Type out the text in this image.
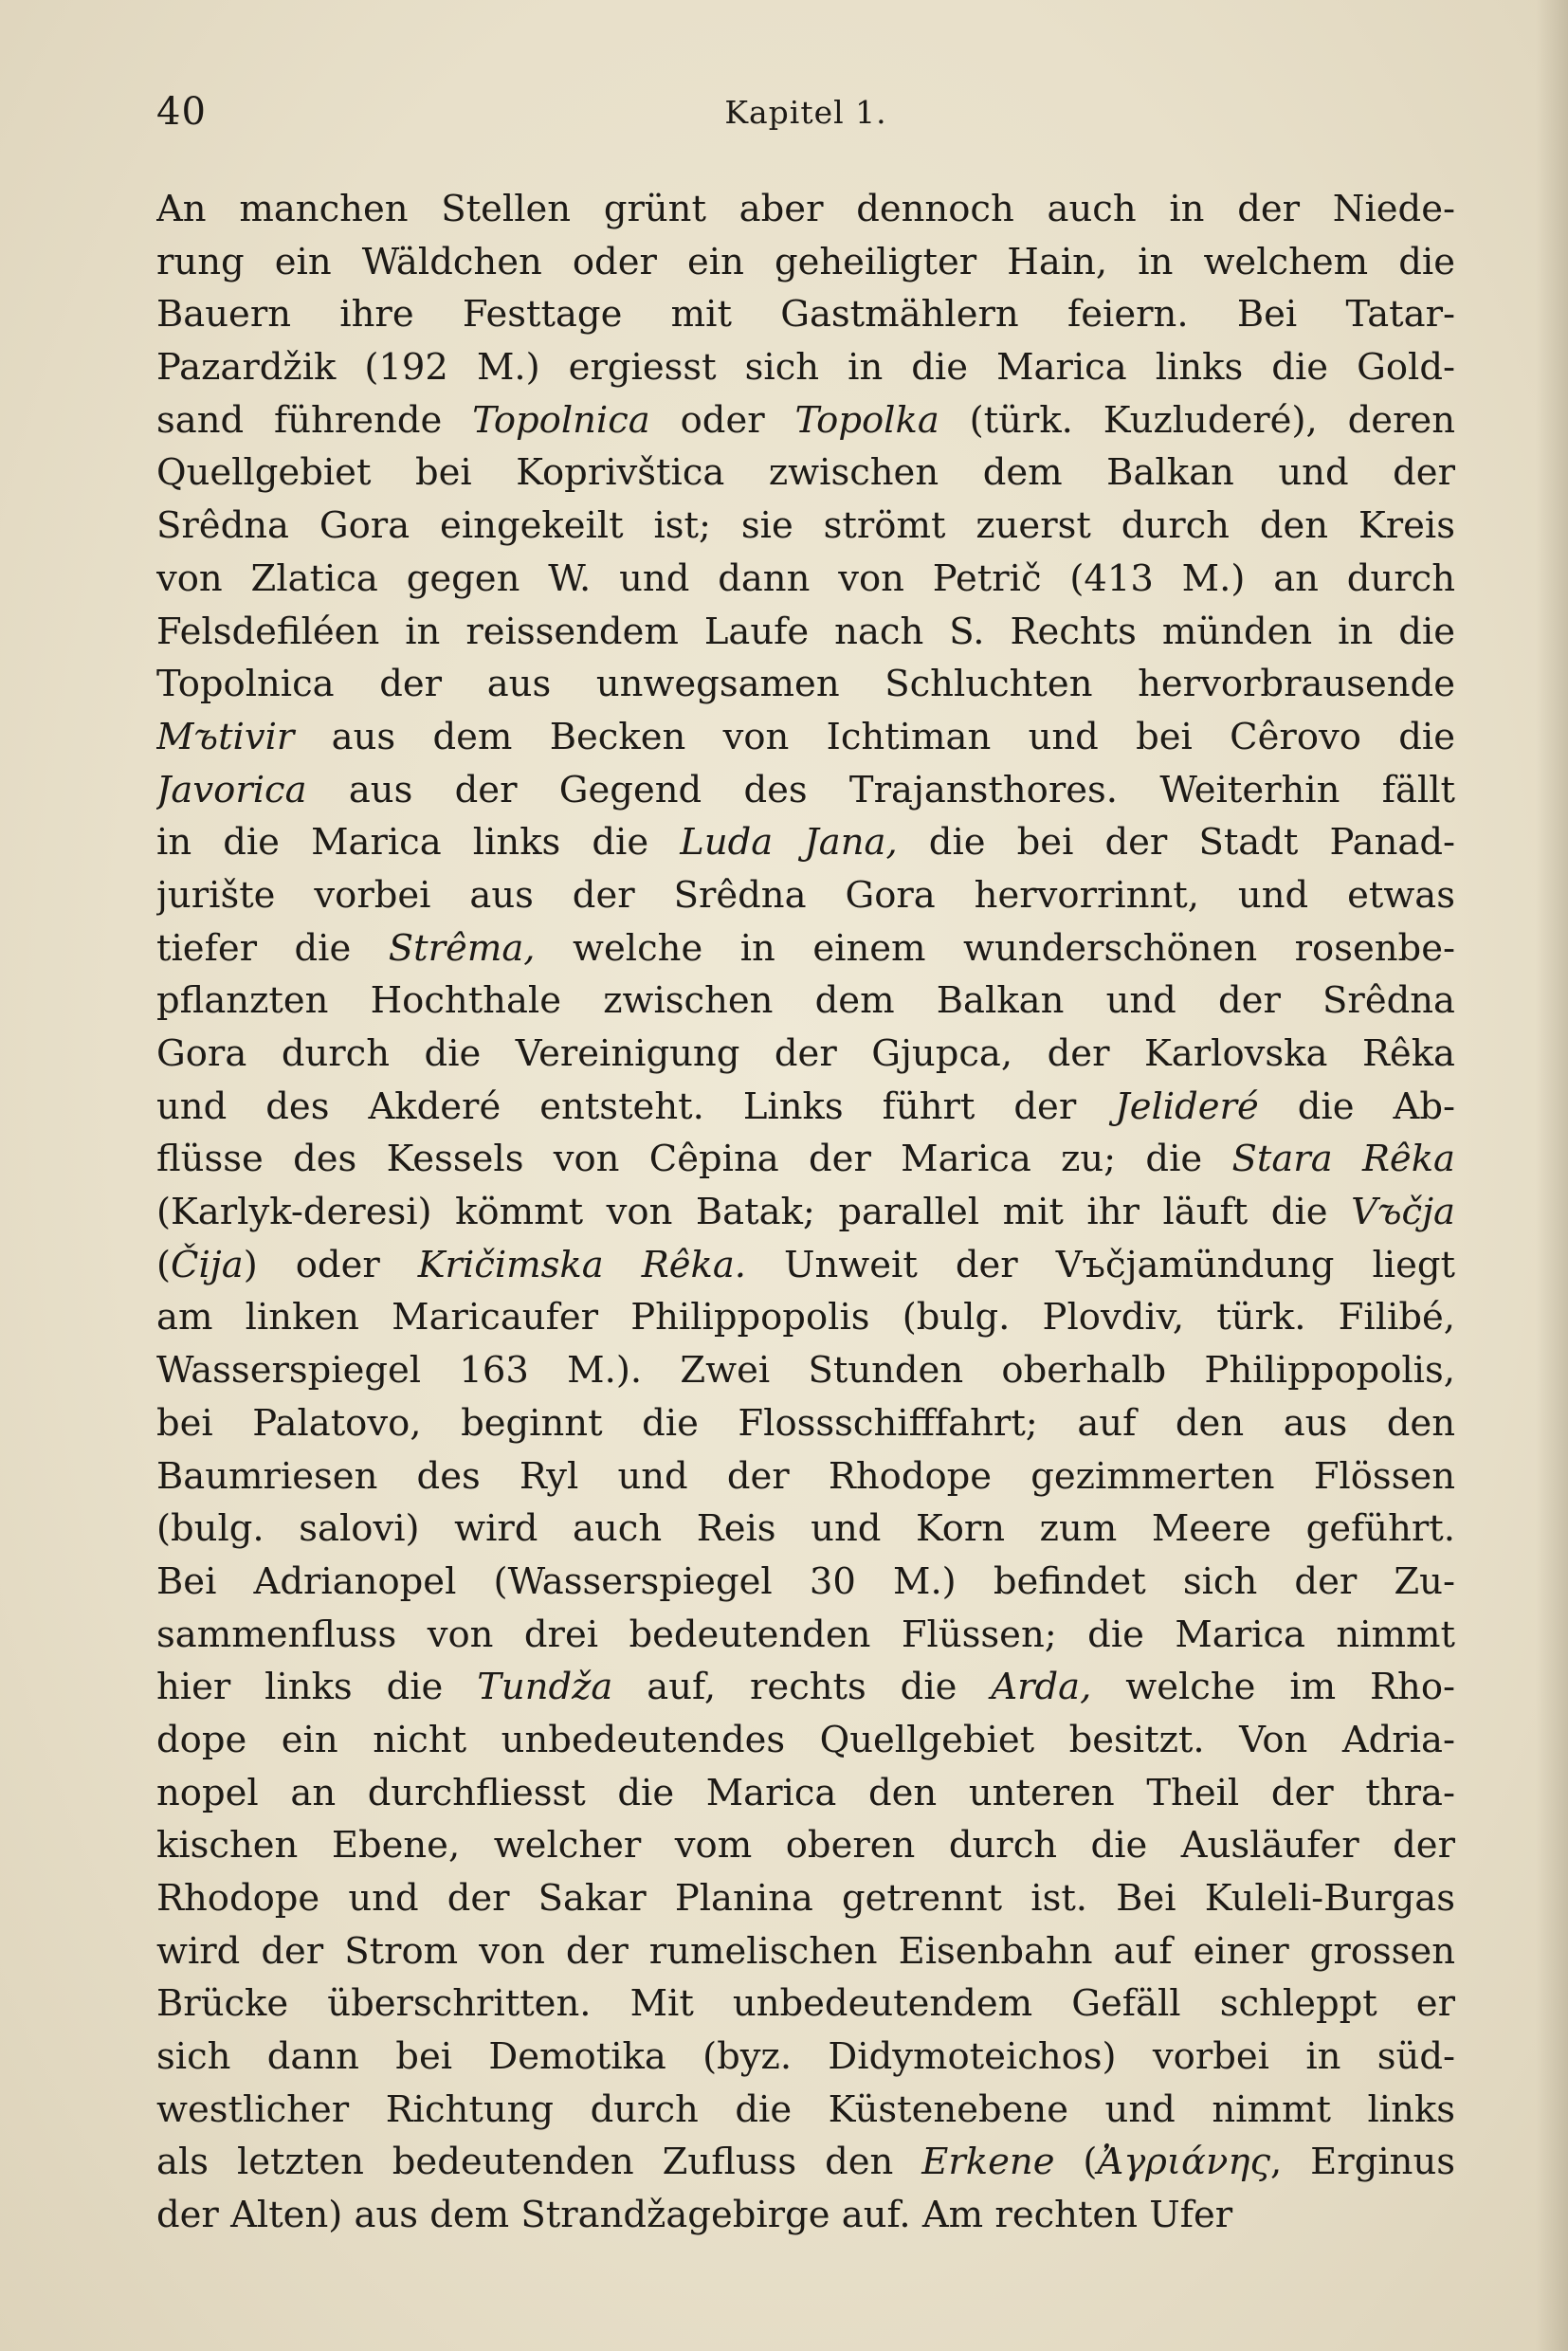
40	Kapitel 1.
An manchen Stellen grünt aber dennoch auch in der Niede-
rung ein Wäldchen oder ein geheiligter Hain, in welchem die
Bauern ihre Festtage mit Gastmählern feiern. Bei Tatar-
Pazardžik (192 M.) ergiesst sich in die Marica links die Gold-
sand führende Topolnica oder Topolka (türk. Kuzluderé), deren
Quellgebiet bei Koprivštica zwischen dem Balkan und der
Srêdna Gora eingekeilt ist; sie strömt zuerst durch den Kreis
von Zlatica gegen W. und dann von Petrič (413 M.) an durch
Felsdefiléen in reissendem Laufe nach S. Rechts münden in die
Topolnica der aus unwegsamen Schluchten hervorbrausende
Mъtivir aus dem Becken von Ichtiman und bei Cêrovo die
Javorica aus der Gegend des Trajansthores. Weiterhin fällt
in die Marica links die Luda Jana, die bei der Stadt Panad-
jurište vorbei aus der Srêdna Gora hervorrinnt, und etwas
tiefer die Strêma, welche in einem wunderschönen rosenbe-
pflanzten Hochthale zwischen dem Balkan und der Srêdna
Gora durch die Vereinigung der Gjupca, der Karlovska Rêka
und des Akderé entsteht. Links führt der Jelideré die Ab-
flüsse des Kessels von Cêpina der Marica zu; die Stara Rêka
(Karlyk-deresi) kömmt von Batak; parallel mit ihr läuft die Vъčja
(Čija) oder Kričimska Rêka. Unweit der Vъčjamündung liegt
am linken Maricaufer Philippopolis (bulg. Plovdiv, türk. Filibé,
Wasserspiegel 163 M.). Zwei Stunden oberhalb Philippopolis,
bei Palatovo, beginnt die Flossschifffahrt; auf den aus den
Baumriesen des Ryl und der Rhodope gezimmerten Flössen
(bulg. salovi) wird auch Reis und Korn zum Meere geführt.
Bei Adrianopel (Wasserspiegel 30 M.) befindet sich der Zu-
sammenfluss von drei bedeutenden Flüssen; die Marica nimmt
hier links die Tundža auf, rechts die Arda, welche im Rho-
dope ein nicht unbedeutendes Quellgebiet besitzt. Von Adria-
nopel an durchfliesst die Marica den unteren Theil der thra-
kischen Ebene, welcher vom oberen durch die Ausläufer der
Rhodope und der Sakar Planina getrennt ist. Bei Kuleli-Burgas
wird der Strom von der rumelischen Eisenbahn auf einer grossen
Brücke überschritten. Mit unbedeutendem Gefäll schleppt er
sich dann bei Demotika (byz. Didymoteichos) vorbei in süd-
westlicher Richtung durch die Küstenebene und nimmt links
als letzten bedeutenden Zufluss den Erkene (Ἀγριάνης, Erginus
der Alten) aus dem Strandžagebirge auf. Am rechten Ufer
